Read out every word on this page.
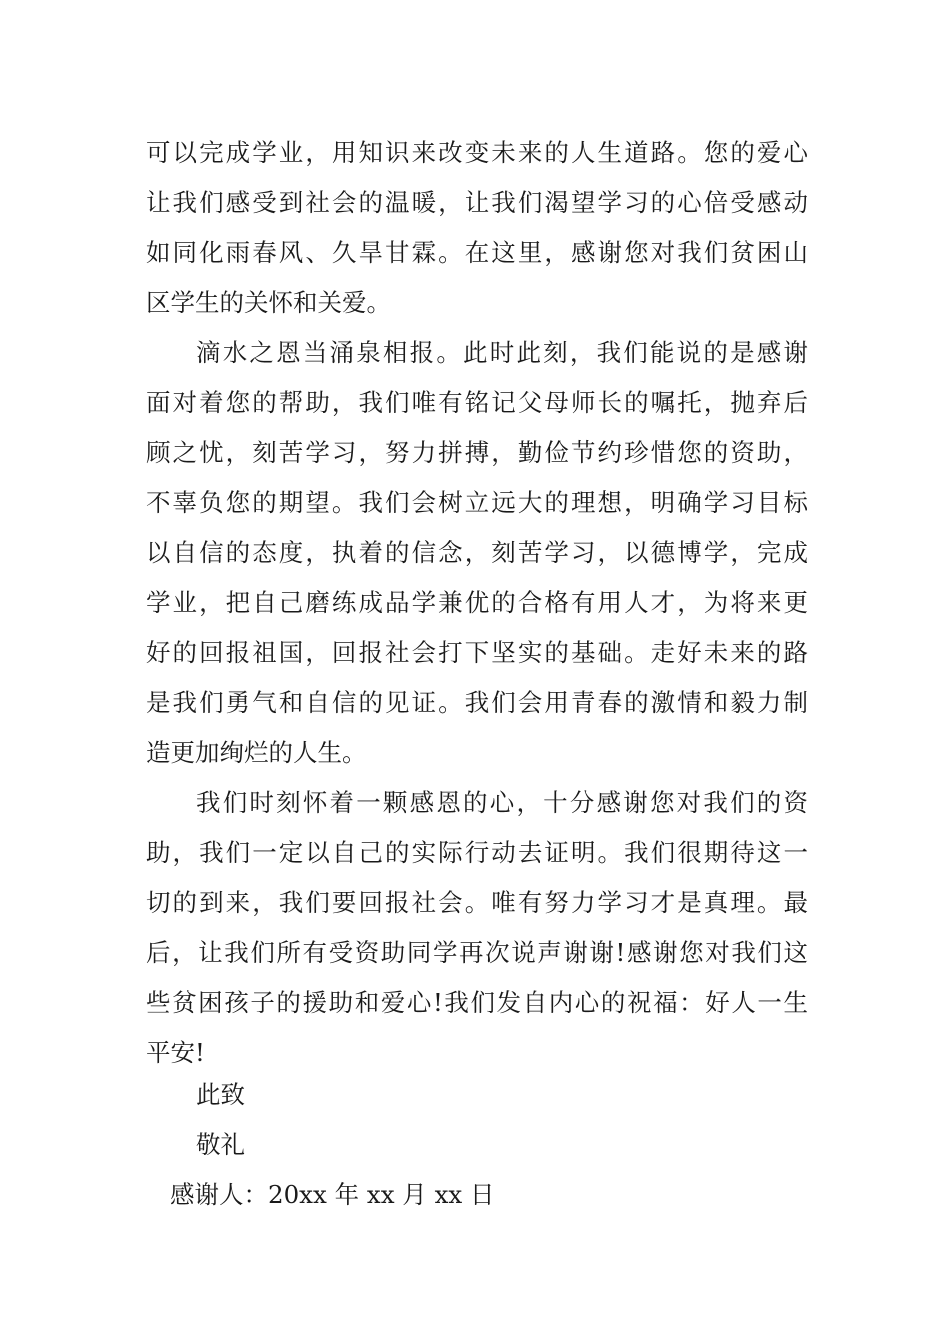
可以完成学业，用知识来改变未来的人生道路。您的爱心
让我们感受到社会的温暖，让我们渴望学习的心倍受感动
如同化雨春风、久旱甘霖。在这里，感谢您对我们贫困山
区学生的关怀和关爱。
滴水之恩当涌泉相报。此时此刻，我们能说的是感谢
面对着您的帮助，我们唯有铭记父母师长的嘱托，抛弃后
顾之忧，刻苦学习，努力拼搏，勤俭节约珍惜您的资助，
不辜负您的期望。我们会树立远大的理想，明确学习目标
以自信的态度，执着的信念，刻苦学习，以德博学，完成
学业，把自己磨练成品学兼优的合格有用人才，为将来更
好的回报祖国，回报社会打下坚实的基础。走好未来的路
是我们勇气和自信的见证。我们会用青春的激情和毅力制
造更加绚烂的人生。
我们时刻怀着一颗感恩的心，十分感谢您对我们的资
助，我们一定以自己的实际行动去证明。我们很期待这一
切的到来，我们要回报社会。唯有努力学习才是真理。最
后，让我们所有受资助同学再次说声谢谢!感谢您对我们这
些贫困孩子的援助和爱心!我们发自内心的祝福：好人一生
平安!
此致
敬礼
感谢人：20xx 年 xx 月 xx 日
